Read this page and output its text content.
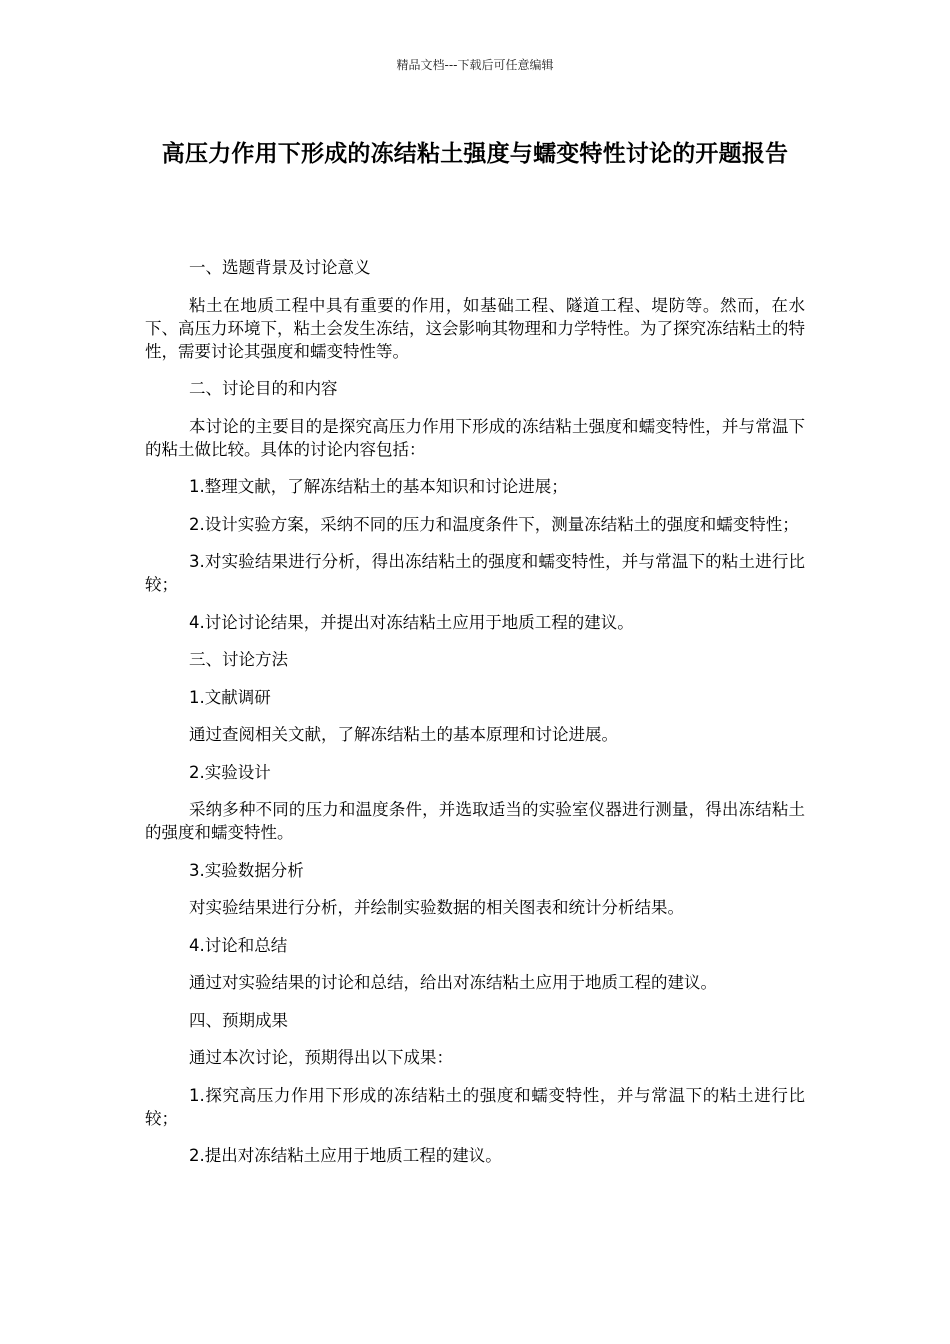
精品文档---下载后可任意编辑
高压力作用下形成的冻结粘土强度与蠕变特性讨论的开题报告

一、选题背景及讨论意义

粘土在地质工程中具有重要的作用，如基础工程、隧道工程、堤防等。然而，在水下、高压力环境下，粘土会发生冻结，这会影响其物理和力学特性。为了探究冻结粘土的特性，需要讨论其强度和蠕变特性等。

二、讨论目的和内容

本讨论的主要目的是探究高压力作用下形成的冻结粘土强度和蠕变特性，并与常温下的粘土做比较。具体的讨论内容包括：

1.整理文献，了解冻结粘土的基本知识和讨论进展；

2.设计实验方案，采纳不同的压力和温度条件下，测量冻结粘土的强度和蠕变特性；

3.对实验结果进行分析，得出冻结粘土的强度和蠕变特性，并与常温下的粘土进行比较；

4.讨论讨论结果，并提出对冻结粘土应用于地质工程的建议。

三、讨论方法

1.文献调研

通过查阅相关文献，了解冻结粘土的基本原理和讨论进展。

2.实验设计

采纳多种不同的压力和温度条件，并选取适当的实验室仪器进行测量，得出冻结粘土的强度和蠕变特性。

3.实验数据分析

对实验结果进行分析，并绘制实验数据的相关图表和统计分析结果。

4.讨论和总结

通过对实验结果的讨论和总结，给出对冻结粘土应用于地质工程的建议。

四、预期成果

通过本次讨论，预期得出以下成果：

1.探究高压力作用下形成的冻结粘土的强度和蠕变特性，并与常温下的粘土进行比较；

2.提出对冻结粘土应用于地质工程的建议。
